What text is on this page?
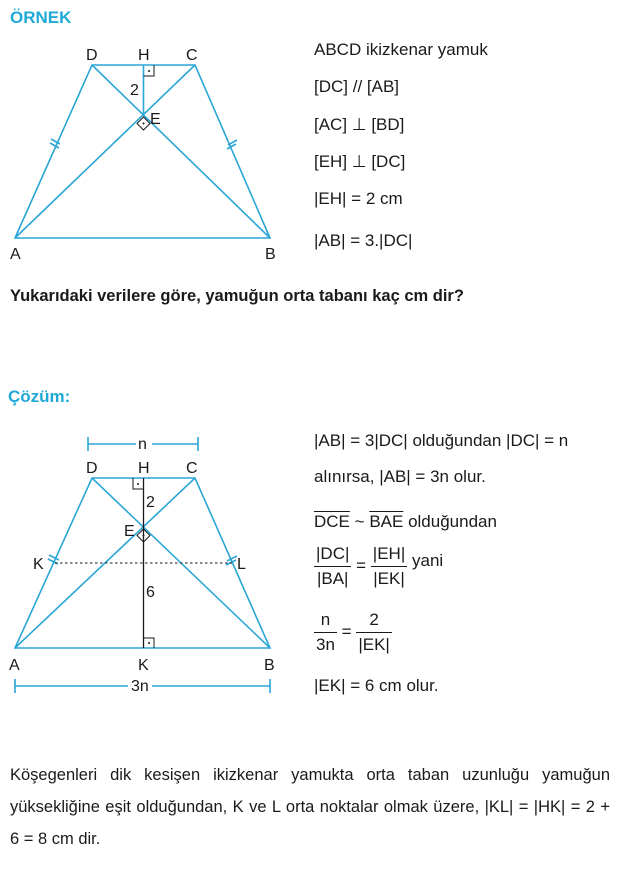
ÖRNEK
D	H C
2
E
A	B
ABCD ikizkenar yamuk
[DC] // [AB]
[AC] ⊥ [BD]
[EH] ⊥ [DC]
|EH| = 2 cm
|AB| = 3.|DC|
Yukarıdaki verilere göre, yamuğun orta tabanı kaç cm dir?
Çözüm:
n
D	H C
2
E
K	L
6
A	K	B
3n
|AB| = 3|DC| olduğundan |DC| = n
alınırsa, |AB| = 3n olur.
$\overline{DCE}$ ~ $\overline{BAE}$ olduğundan
$\frac{|DC|}{|BA|} = \frac{|EH|}{|EK|}$ yani
$\frac{n}{3n} = \frac{2}{|EK|}$
|EK| = 6 cm olur.
Köşegenleri dik kesişen ikizkenar yamukta orta taban uzunluğu yamuğun yüksekliğine eşit olduğundan, K ve L orta noktalar olmak üzere, |KL| = |HK| = 2 + 6 = 8 cm dir.
